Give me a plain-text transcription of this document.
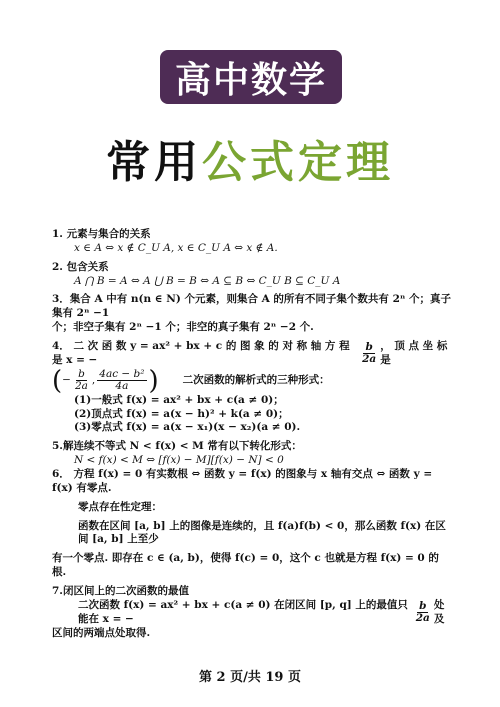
高中数学
常用公式定理

1. 元素与集合的关系

x ∈ A ⇔ x ∉ C_U A, x ∈ C_U A ⇔ x ∉ A.

2. 包含关系

A ⋂ B = A ⇔ A ⋃ B = B ⇔ A ⊆ B ⇔ C_U B ⊆ C_U A

3．集合 A 中有 n(n ∈ N) 个元素，则集合 A 的所有不同子集个数共有 2ⁿ 个；真子集有 2ⁿ −1

个；非空子集有 2ⁿ −1 个；非空的真子集有 2ⁿ −2 个.

4． 二 次 函 数 y = ax² + bx + c 的 图 象 的 对 称 轴 方 程 是 x = −	$\frac{b}{2a}$ ， 顶 点 坐 标 是

( − $\frac{b}{2a}$ , $\frac{\text{4ac − b²}}{4a}$ ) 二次函数的解析式的三种形式：

(1)一般式 f(x) = ax² + bx + c(a ≠ 0)；

(2)顶点式 f(x) = a(x − h)² + k(a ≠ 0)；

(3)零点式 f(x) = a(x − x₁)(x − x₂)(a ≠ 0).

5.解连续不等式 N < f(x) < M 常有以下转化形式：

N < f(x) < M ⇔ [f(x) − M][f(x) − N] < 0

6． 方程 f(x) = 0 有实数根 ⇔ 函数 y = f(x) 的图象与 x 轴有交点 ⇔ 函数 y = f(x) 有零点.

零点存在性定理：

函数在区间 [a, b] 上的图像是连续的，且 f(a)f(b) < 0，那么函数 f(x) 在区间 [a, b] 上至少

有一个零点. 即存在 c ∈ (a, b)，使得 f(c) = 0，这个 c 也就是方程 f(x) = 0 的根.

7.闭区间上的二次函数的最值

二次函数 f(x) = ax² + bx + c(a ≠ 0) 在闭区间 [p, q] 上的最值只能在 x = −	$\frac{b}{2a}$ 处及

区间的两端点处取得.

第 2 页/共 19 页
